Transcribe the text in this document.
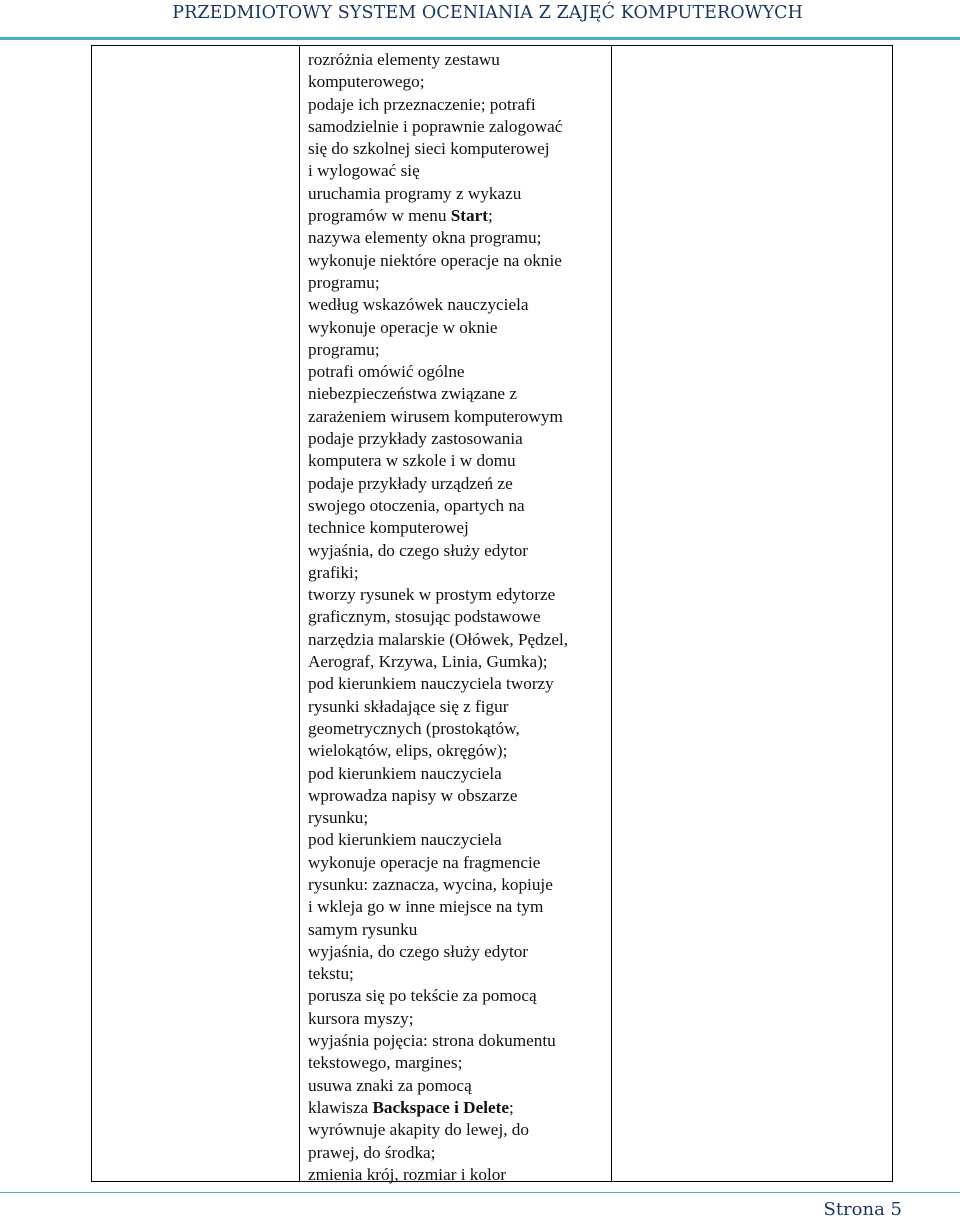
PRZEDMIOTOWY SYSTEM OCENIANIA Z ZAJĘĆ KOMPUTEROWYCH
rozróżnia elementy zestawu
komputerowego;
podaje ich przeznaczenie; potrafi
samodzielnie i poprawnie zalogować
się do szkolnej sieci komputerowej
i wylogować się
uruchamia programy z wykazu
programów w menu Start;
nazywa elementy okna programu;
wykonuje niektóre operacje na oknie
programu;
według wskazówek nauczyciela
wykonuje operacje w oknie
programu;
potrafi omówić ogólne
niebezpieczeństwa związane z
zarażeniem wirusem komputerowym
podaje przykłady zastosowania
komputera w szkole i w domu
podaje przykłady urządzeń ze
swojego otoczenia, opartych na
technice komputerowej
wyjaśnia, do czego służy edytor
grafiki;
tworzy rysunek w prostym edytorze
graficznym, stosując podstawowe
narzędzia malarskie (Ołówek, Pędzel,
Aerograf, Krzywa, Linia, Gumka);
pod kierunkiem nauczyciela tworzy
rysunki składające się z figur
geometrycznych (prostokątów,
wielokątów, elips, okręgów);
pod kierunkiem nauczyciela
wprowadza napisy w obszarze
rysunku;
pod kierunkiem nauczyciela
wykonuje operacje na fragmencie
rysunku: zaznacza, wycina, kopiuje
i wkleja go w inne miejsce na tym
samym rysunku
wyjaśnia, do czego służy edytor
tekstu;
porusza się po tekście za pomocą
kursora myszy;
wyjaśnia pojęcia: strona dokumentu
tekstowego, margines;
usuwa znaki za pomocą
klawisza Backspace i Delete;
wyrównuje akapity do lewej, do
prawej, do środka;
zmienia krój, rozmiar i kolor
Strona 5
